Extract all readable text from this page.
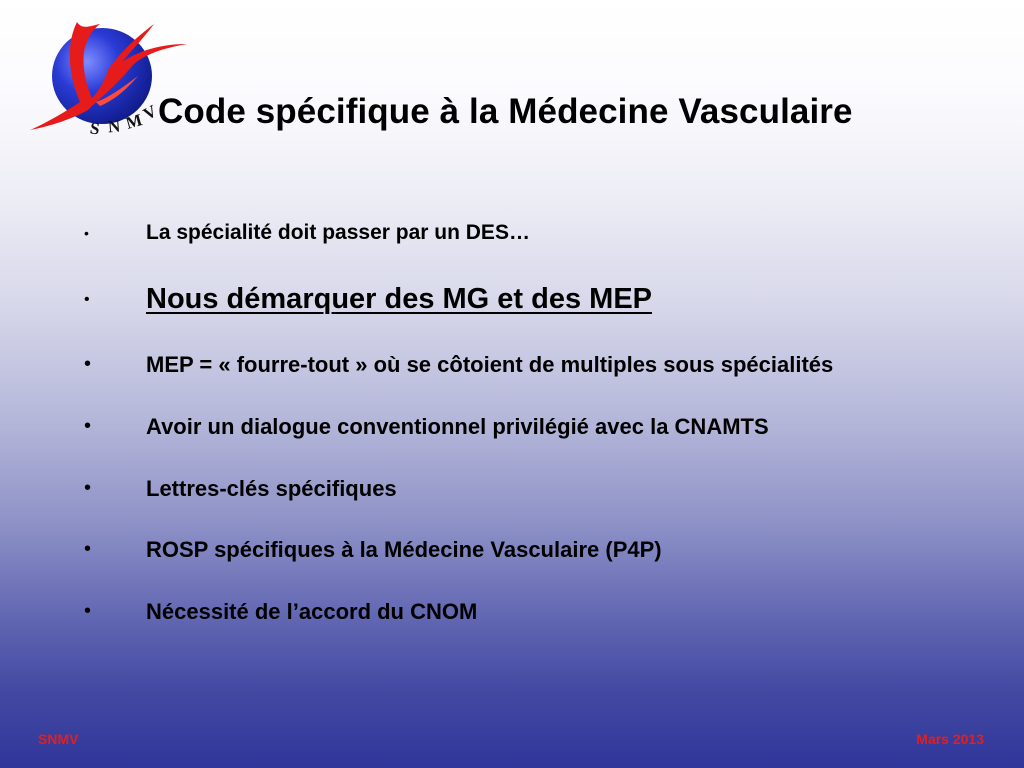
S N M
V
Code spécifique à la Médecine Vasculaire
•	La spécialité doit passer par un DES…
• Nous démarquer des MG et des MEP
• MEP = « fourre-tout » où se côtoient de multiples sous spécialités
• Avoir un dialogue conventionnel privilégié avec la CNAMTS
• Lettres-clés spécifiques
• ROSP spécifiques à la Médecine Vasculaire (P4P)
• Nécessité de l’accord du CNOM
SNMV	Mars 2013
